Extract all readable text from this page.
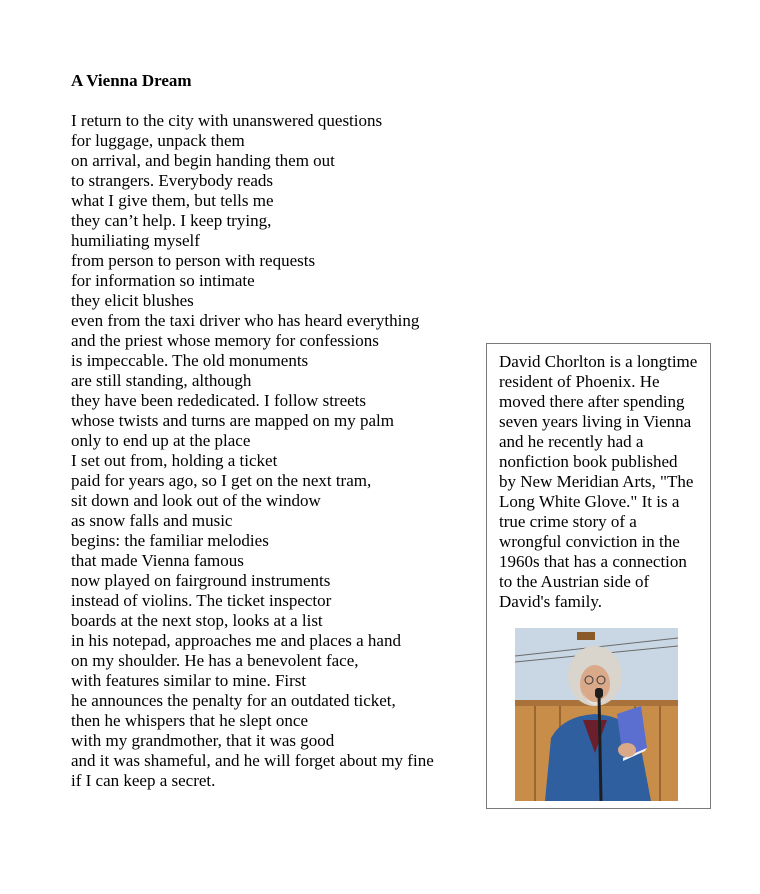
A Vienna Dream
I return to the city with unanswered questions
for luggage, unpack them
on arrival, and begin handing them out
to strangers. Everybody reads
what I give them, but tells me
they can’t help. I keep trying,
humiliating myself
from person to person with requests
for information so intimate
they elicit blushes
even from the taxi driver who has heard everything
and the priest whose memory for confessions
is impeccable. The old monuments
are still standing, although
they have been rededicated. I follow streets
whose twists and turns are mapped on my palm
only to end up at the place
I set out from, holding a ticket
paid for years ago, so I get on the next tram,
sit down and look out of the window
as snow falls and music
begins: the familiar melodies
that made Vienna famous
now played on fairground instruments
instead of violins. The ticket inspector
boards at the next stop, looks at a list
in his notepad, approaches me and places a hand
on my shoulder. He has a benevolent face,
with features similar to mine. First
he announces the penalty for an outdated ticket,
then he whispers that he slept once
with my grandmother, that it was good
and it was shameful, and he will forget about my fine
if I can keep a secret.
David Chorlton is a longtime
resident of Phoenix. He
moved there after spending
seven years living in Vienna
and he recently had a
nonfiction book published
by New Meridian Arts, "The
Long White Glove." It is a
true crime story of a
wrongful conviction in the
1960s that has a connection
to the Austrian side of
David's family.
